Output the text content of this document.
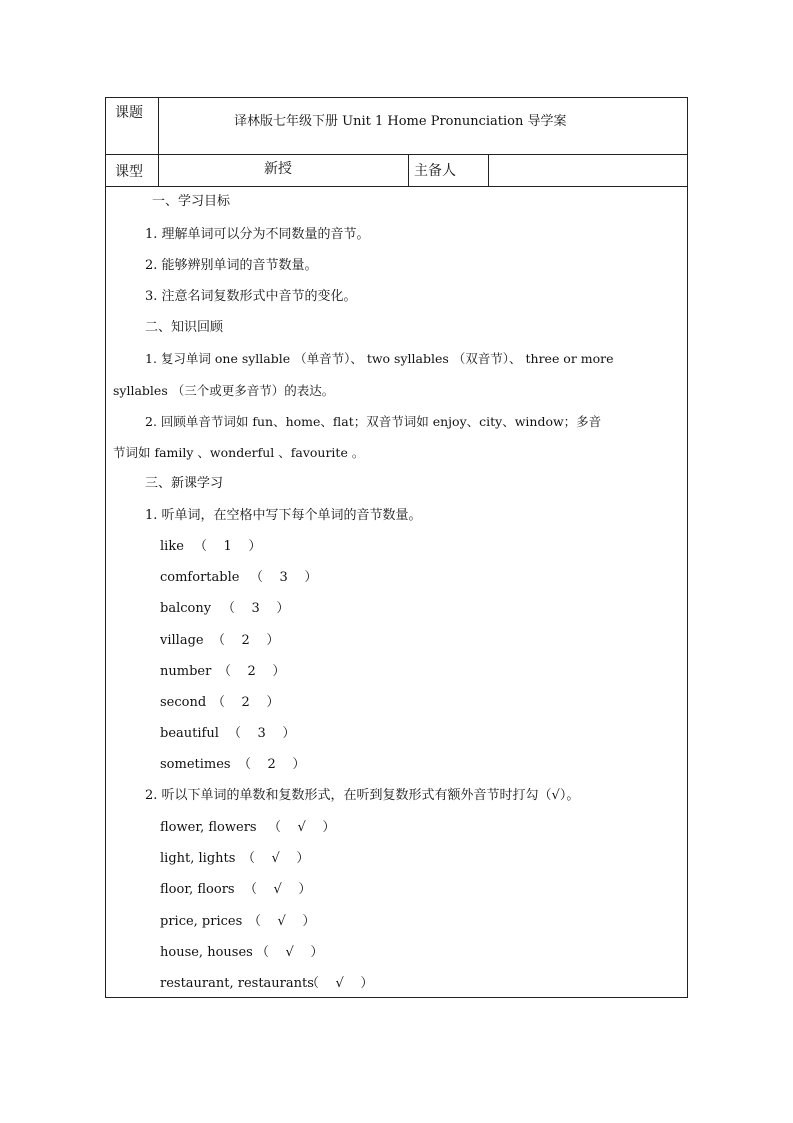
课题
译林版七年级下册 Unit 1 Home Pronunciation 导学案
课型	新授	主备人
一、学习目标
1. 理解单词可以分为不同数量的音节。
2. 能够辨别单词的音节数量。
3. 注意名词复数形式中音节的变化。
二、知识回顾
1. 复习单词 one syllable （单音节）、 two syllables （双音节）、 three or more
syllables （三个或更多音节）的表达。
2. 回顾单音节词如 fun、home、flat；双音节词如 enjoy、city、window；多音
节词如 family 、wonderful 、favourite 。
三、新课学习
1. 听单词，在空格中写下每个单词的音节数量。
like （    1    ）
comfortable （    3    ）
balcony （    3    ）
village （    2    ）
number （    2    ）
second （    2    ）
beautiful （    3    ）
sometimes （    2    ）
2. 听以下单词的单数和复数形式，在听到复数形式有额外音节时打勾（√）。
flower, flowers （    √    ）
light, lights （    √    ）
floor, floors （    √    ）
price, prices （    √    ）
house, houses （    √    ）
restaurant, restaurants
（    √    ）
